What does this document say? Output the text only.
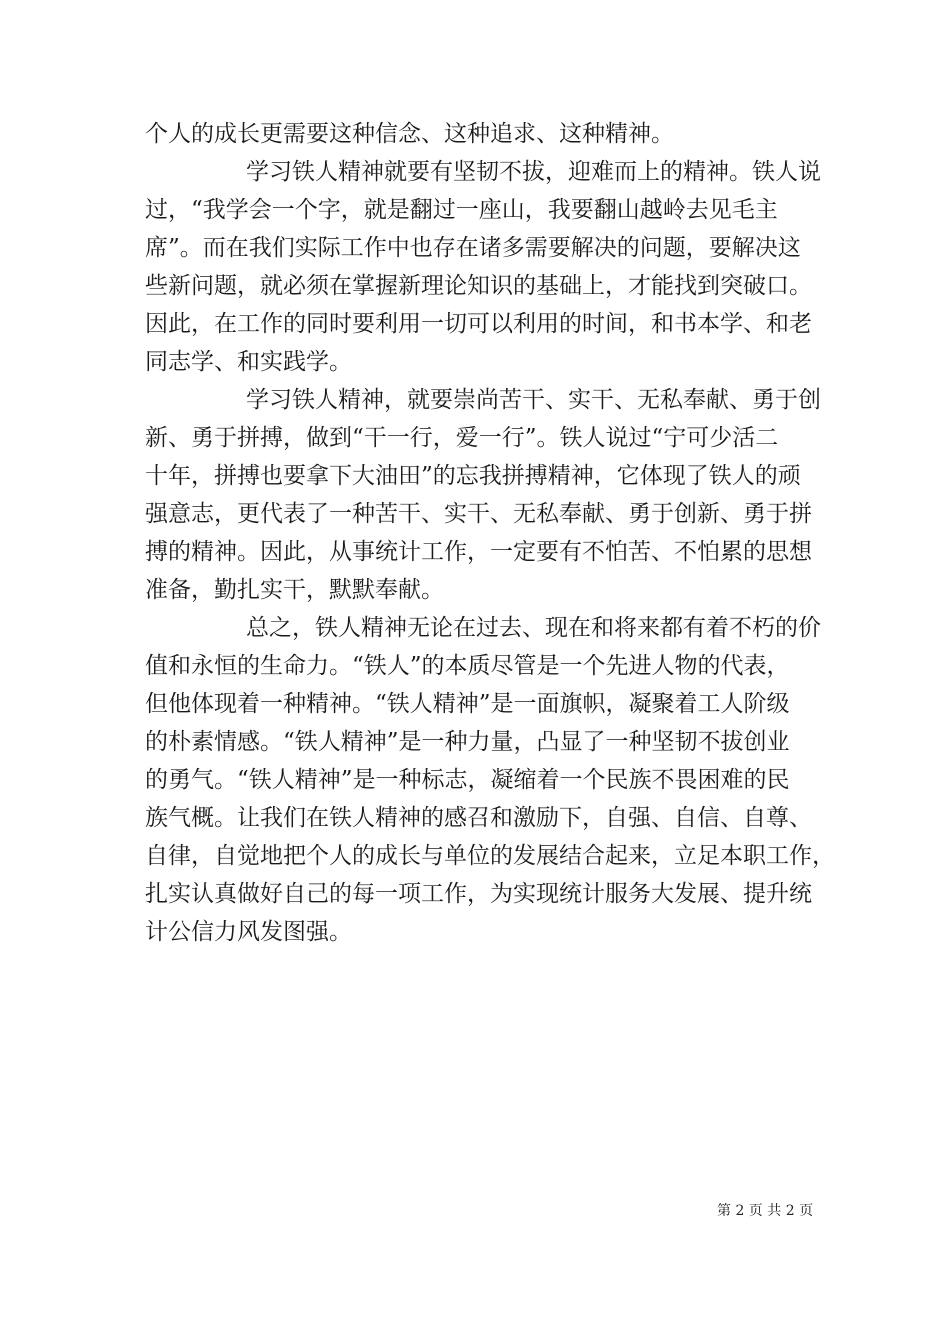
个人的成长更需要这种信念、这种追求、这种精神。
学习铁人精神就要有坚韧不拔，迎难而上的精神。铁人说
过，“我学会一个字，就是翻过一座山，我要翻山越岭去见毛主
席”。而在我们实际工作中也存在诸多需要解决的问题，要解决这
些新问题，就必须在掌握新理论知识的基础上，才能找到突破口。
因此，在工作的同时要利用一切可以利用的时间，和书本学、和老
同志学、和实践学。
学习铁人精神，就要崇尚苦干、实干、无私奉献、勇于创
新、勇于拼搏，做到“干一行，爱一行”。铁人说过“宁可少活二
十年，拼搏也要拿下大油田”的忘我拼搏精神，它体现了铁人的顽
强意志，更代表了一种苦干、实干、无私奉献、勇于创新、勇于拼
搏的精神。因此，从事统计工作，一定要有不怕苦、不怕累的思想
准备，勤扎实干，默默奉献。
总之，铁人精神无论在过去、现在和将来都有着不朽的价
值和永恒的生命力。“铁人”的本质尽管是一个先进人物的代表，
但他体现着一种精神。“铁人精神”是一面旗帜，凝聚着工人阶级
的朴素情感。“铁人精神”是一种力量，凸显了一种坚韧不拔创业
的勇气。“铁人精神”是一种标志，凝缩着一个民族不畏困难的民
族气概。让我们在铁人精神的感召和激励下，自强、自信、自尊、
自律，自觉地把个人的成长与单位的发展结合起来，立足本职工作，
扎实认真做好自己的每一项工作，为实现统计服务大发展、提升统
计公信力风发图强。
第 2 页 共 2 页
